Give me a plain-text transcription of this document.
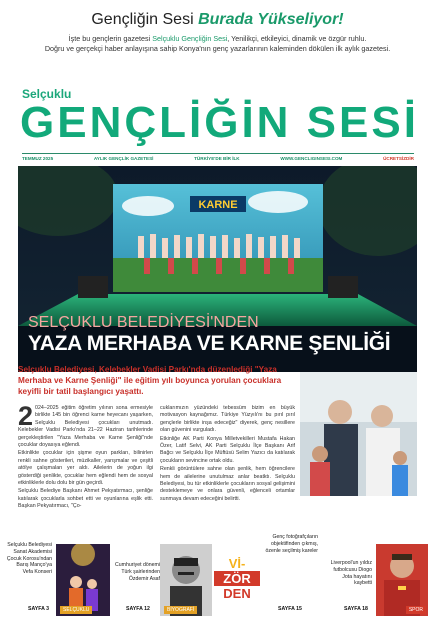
Gençliğin Sesi Burada Yükseliyor!
İşte bu gençlerin gazetesi Selçuklu Gençliğin Sesi, Yenilikçi, etkileyici, dinamik ve özgür ruhlu.
Doğru ve gerçekçi haber anlayışına sahip Konya'nın genç yazarlarının kaleminden dökülen ilk aylık gazetesi.
Selçuklu
GENÇLİĞİN SESİ
TEMMUZ 2025	AYLIK GENÇLİK GAZETESİ	TÜRKİYE'DE BİR İLK	WWW.GENCLIGINSESI.COM	ÜCRETSİZDİR
KARNE
SELÇUKLU BELEDİYESİ'NDEN
YAZA MERHABA VE KARNE ŞENLİĞİ
Selçuklu Belediyesi, Kelebekler Vadisi Parkı'nda düzenlediği "Yaza Merhaba ve Karne Şenliği" ile eğitim yılı boyunca yorulan çocuklara keyifli bir tatil başlangıcı yaşattı.
2 024–2025 eğitim öğretim yılının sona ermesiyle birlikte 145 bin öğrenci karne heyecanı yaşarken, Selçuklu Belediyesi çocukları unutmadı. Kelebekler Vadisi Parkı'nda 21–22 Haziran tarihlerinde gerçekleştirilen "Yaza Merhaba ve Karne Şenliği"nde çocuklar doyasıya eğlendi.

Etkinlikte çocuklar için şişme oyun parkları, bilinirlen renkli sahne gösterileri, müzikaller, yarışmalar ve çeşitli atölye çalışmaları yer aldı. Ailelerin de yoğun ilgi gösterdiği şenlikte, çocuklar hem eğlendi hem de sosyal etkinliklerle dolu dolu bir gün geçirdi.

Selçuklu Belediye Başkanı Ahmet Pekyatırmacı, şenliğe katılarak çocuklarla sohbet etti ve oyunlarına eşlik etti. Başkan Pekyatırmacı, "Ço-

cuklarımızın yüzündeki tebessüm bizim en büyük motivasyon kaynağımız. Türkiye Yüzyılı'nı bu pırıl pırıl gençlerle birlikte inşa edeceğiz" diyerek, genç nesillere olan güvenini vurguladı.

Etkinliğe AK Parti Konya Milletvekilleri Mustafa Hakan Özer, Latif Selvi, AK Parti Selçuklu İlçe Başkanı Arif Bağcı ve Selçuklu İlçe Müftüsü Selim Yazıcı da katılarak çocukların sevincine ortak oldu.

Renkli görüntülere sahne olan şenlik, hem öğrencilere hem de ailelerine unutulmaz anlar beatktı. Selçuklu Belediyesi, bu tür etkinliklerle çocukların sosyal gelişimini desteklemeye ve onlara güvenli, eğlenceli ortamlar sunmaya devam edeceğini belirtti.

Selçuklu Belediyesi Sanat Akademisi Çocuk Korosu'ndan Barış Manço'ya Vefa Konseri
SAYFA 3	SELÇUKLU
Cumhuriyet dönemi Türk şairlerinden Özdemir Asaf
SAYFA 12	BİYOGRAFİ
Vİ-
ZÖR
DEN
Genç fotoğrafçıların objektifinden çıkmış, özenle seçilmiş kareler
SAYFA 15
Liverpool'un yıldız futbolcusu Diogo Jota hayatını kaybetti
SAYFA 18	SPOR
